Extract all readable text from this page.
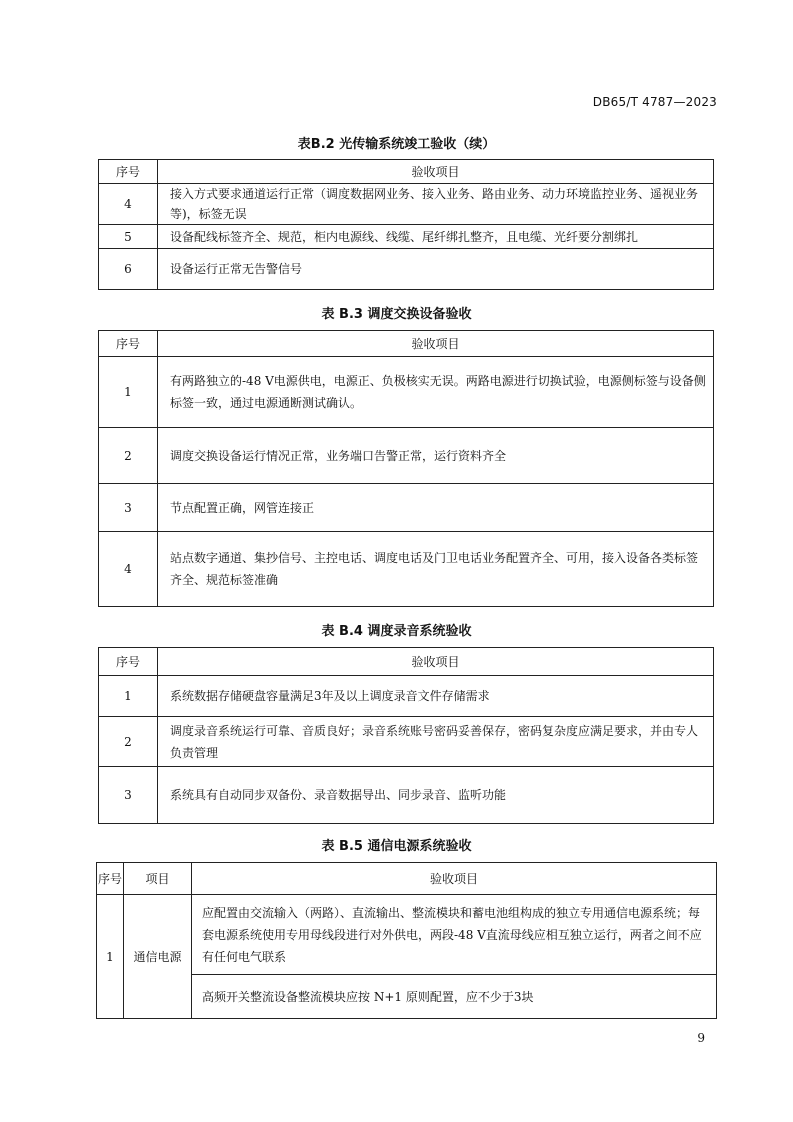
DB65/T 4787—2023
表B.2 光传输系统竣工验收（续）
序号	验收项目
4	接入方式要求通道运行正常（调度数据网业务、接入业务、路由业务、动力环境监控业务、遥视业务等)，标签无误
5	设备配线标签齐全、规范，柜内电源线、线缆、尾纤绑扎整齐，且电缆、光纤要分割绑扎
6	设备运行正常无告警信号
表 B.3 调度交换设备验收
序号	验收项目
1	有两路独立的-48 V电源供电，电源正、负极核实无误。两路电源进行切换试验，电源侧标签与设备侧标签一致，通过电源通断测试确认。
2	调度交换设备运行情况正常，业务端口告警正常，运行资料齐全
3	节点配置正确，网管连接正
4	站点数字通道、集抄信号、主控电话、调度电话及门卫电话业务配置齐全、可用，接入设备各类标签齐全、规范标签准确
表 B.4 调度录音系统验收
序号	验收项目
1	系统数据存储硬盘容量满足3年及以上调度录音文件存储需求
2	调度录音系统运行可靠、音质良好；录音系统账号密码妥善保存，密码复杂度应满足要求，并由专人负责管理
3	系统具有自动同步双备份、录音数据导出、同步录音、监听功能
表 B.5 通信电源系统验收
序号	项目	验收项目
1	通信电源	应配置由交流输入（两路）、直流输出、整流模块和蓄电池组构成的独立专用通信电源系统；每套电源系统使用专用母线段进行对外供电，两段-48 V直流母线应相互独立运行，两者之间不应有任何电气联系
		高频开关整流设备整流模块应按 N+1 原则配置，应不少于3块
9
